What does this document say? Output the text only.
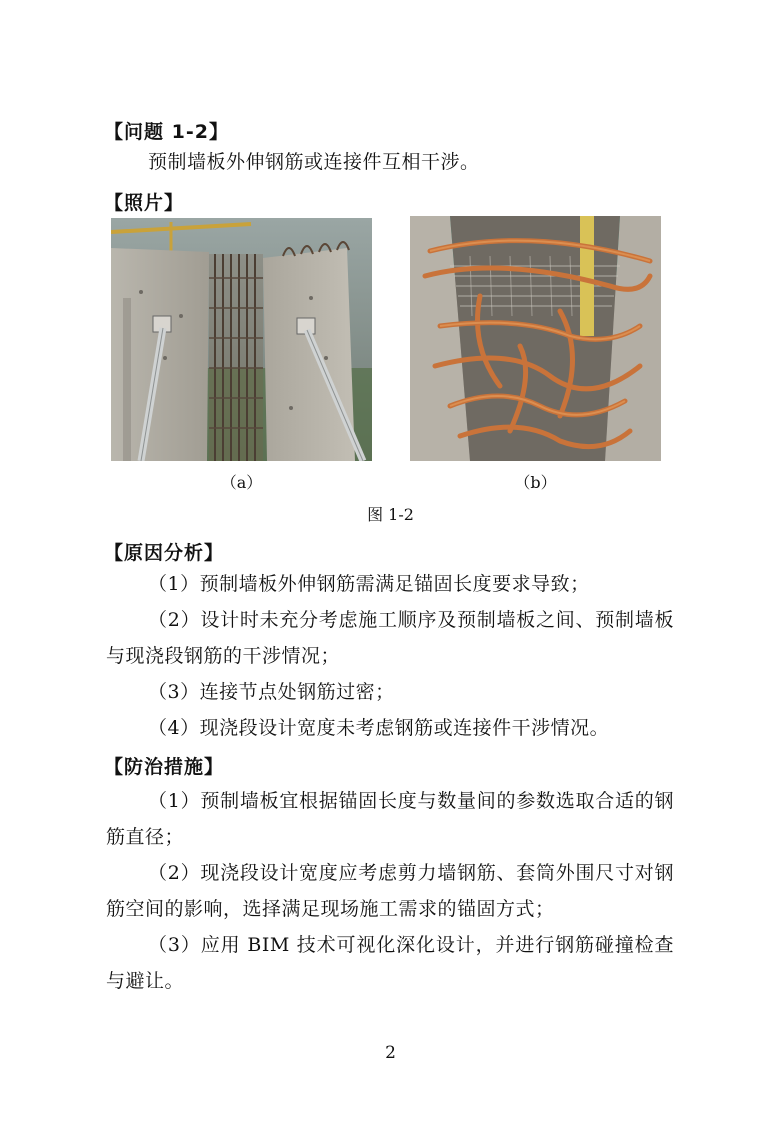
【问题 1-2】
预制墙板外伸钢筋或连接件互相干涉。
【照片】
（a）	（b）
图 1-2
【原因分析】
（1）预制墙板外伸钢筋需满足锚固长度要求导致；
（2）设计时未充分考虑施工顺序及预制墙板之间、预制墙板与现浇段钢筋的干涉情况；
（3）连接节点处钢筋过密；
（4）现浇段设计宽度未考虑钢筋或连接件干涉情况。
【防治措施】
（1）预制墙板宜根据锚固长度与数量间的参数选取合适的钢筋直径；
（2）现浇段设计宽度应考虑剪力墙钢筋、套筒外围尺寸对钢筋空间的影响，选择满足现场施工需求的锚固方式；
（3）应用 BIM 技术可视化深化设计，并进行钢筋碰撞检查与避让。
2
